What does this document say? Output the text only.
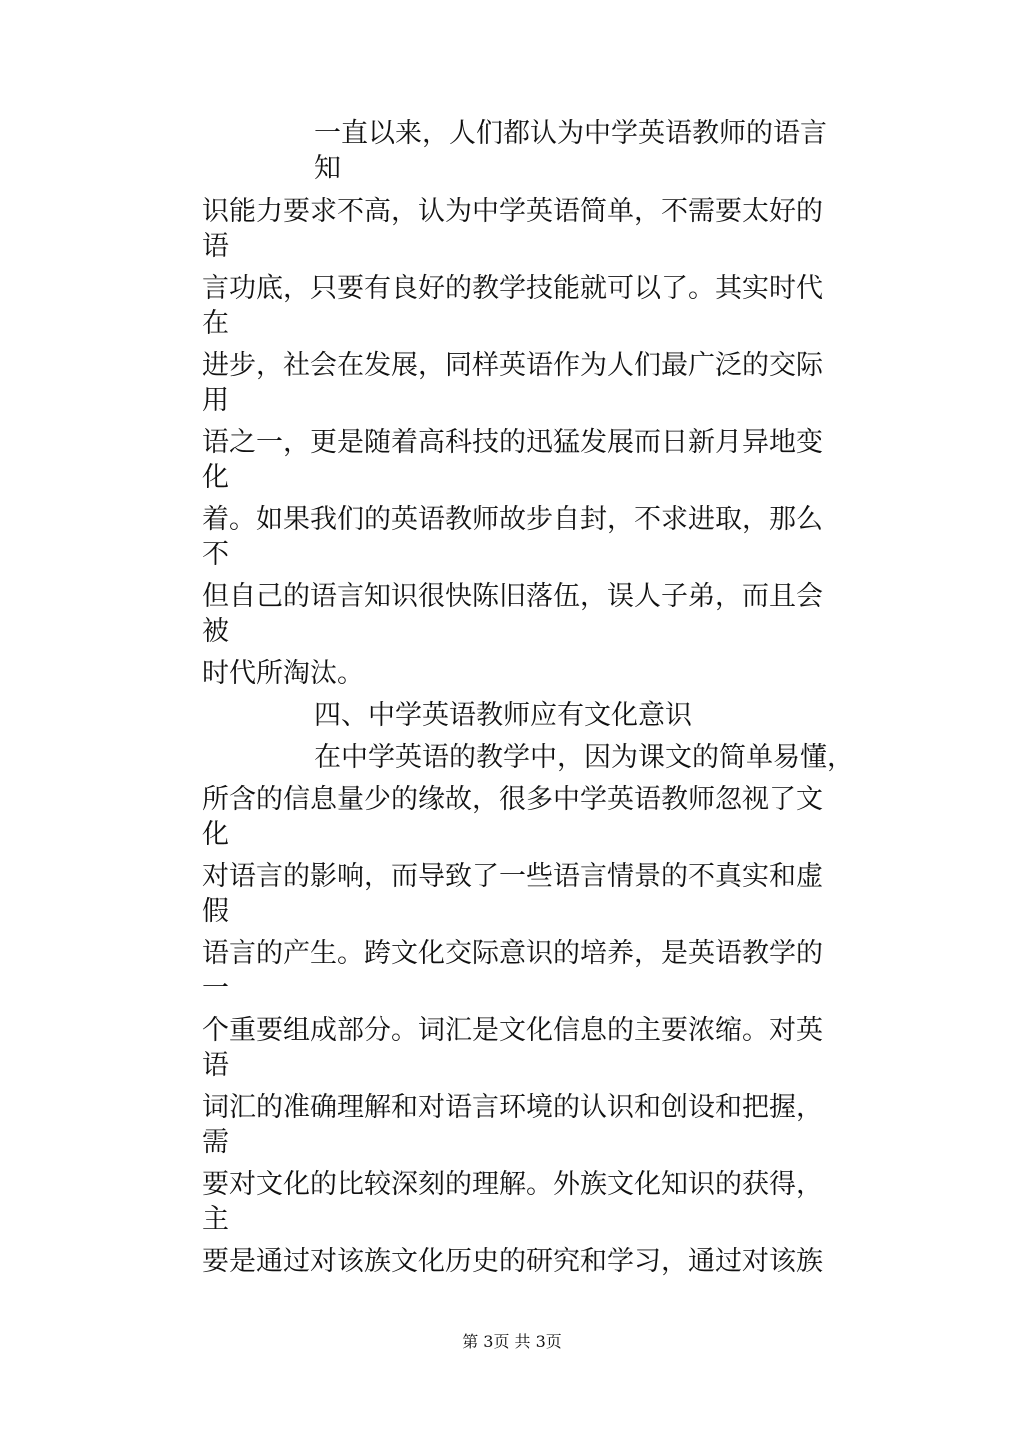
一直以来，人们都认为中学英语教师的语言

知

识能力要求不高，认为中学英语简单，不需要太好的

语

言功底，只要有良好的教学技能就可以了。其实时代

在

进步，社会在发展，同样英语作为人们最广泛的交际

用

语之一，更是随着高科技的迅猛发展而日新月异地变

化

着。如果我们的英语教师故步自封，不求进取，那么

不

但自己的语言知识很快陈旧落伍，误人子弟，而且会

被

时代所淘汰。

四、中学英语教师应有文化意识

在中学英语的教学中，因为课文的简单易懂，

所含的信息量少的缘故，很多中学英语教师忽视了文

化

对语言的影响，而导致了一些语言情景的不真实和虚

假

语言的产生。跨文化交际意识的培养，是英语教学的

一

个重要组成部分。词汇是文化信息的主要浓缩。对英

语

词汇的准确理解和对语言环境的认识和创设和把握，

需

要对文化的比较深刻的理解。外族文化知识的获得，

主

要是通过对该族文化历史的研究和学习，通过对该族

第 3页 共 3页
